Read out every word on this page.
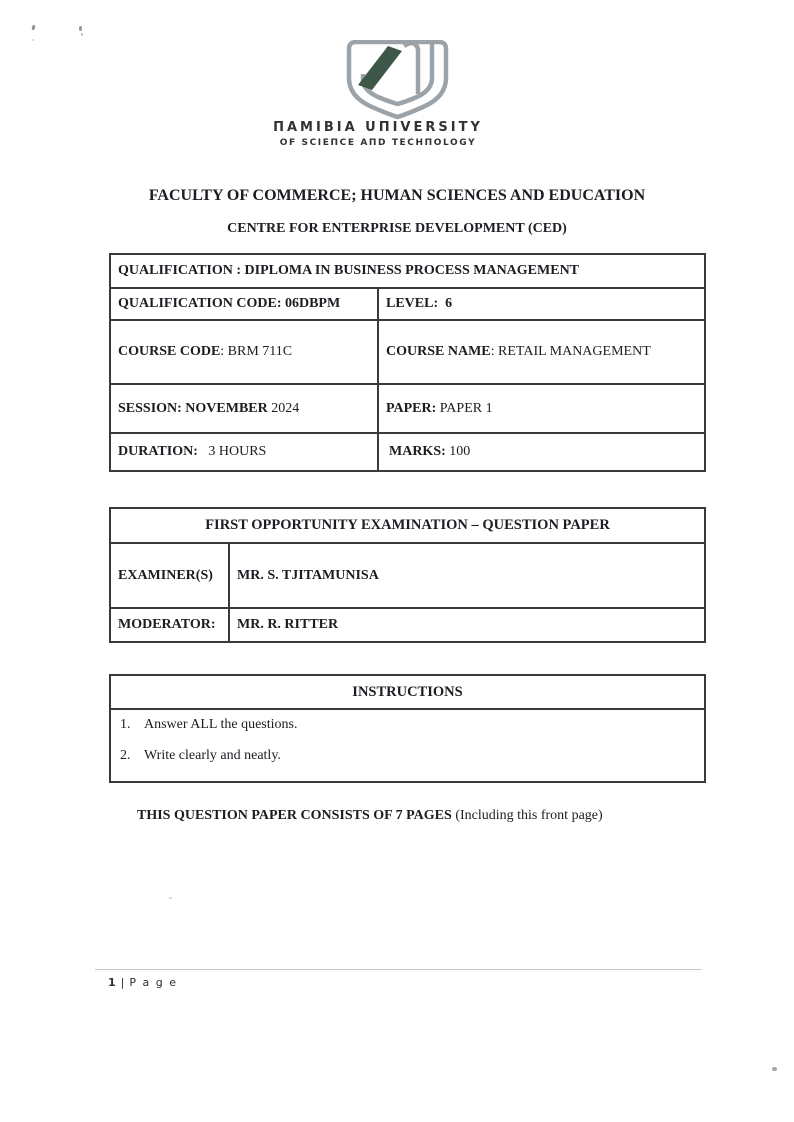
ПAMIBIA UПIVERSITY
OF SCIEПCE AПD TECHПOLOGY
FACULTY OF COMMERCE; HUMAN SCIENCES AND EDUCATION
CENTRE FOR ENTERPRISE DEVELOPMENT (CED)
QUALIFICATION : DIPLOMA IN BUSINESS PROCESS MANAGEMENT	
QUALIFICATION CODE: 06DBPM	LEVEL:  6
COURSE CODE: BRM 711C	COURSE NAME: RETAIL MANAGEMENT
SESSION: NOVEMBER 2024	PAPER: PAPER 1
DURATION:   3 HOURS	MARKS: 100
FIRST OPPORTUNITY EXAMINATION – QUESTION PAPER	
EXAMINER(S)	MR. S. TJITAMUNISA
MODERATOR:	MR. R. RITTER
INSTRUCTIONS

1. Answer ALL the questions.
2. Write clearly and neatly.
THIS QUESTION PAPER CONSISTS OF 7 PAGES (Including this front page)
1 | P a g e
